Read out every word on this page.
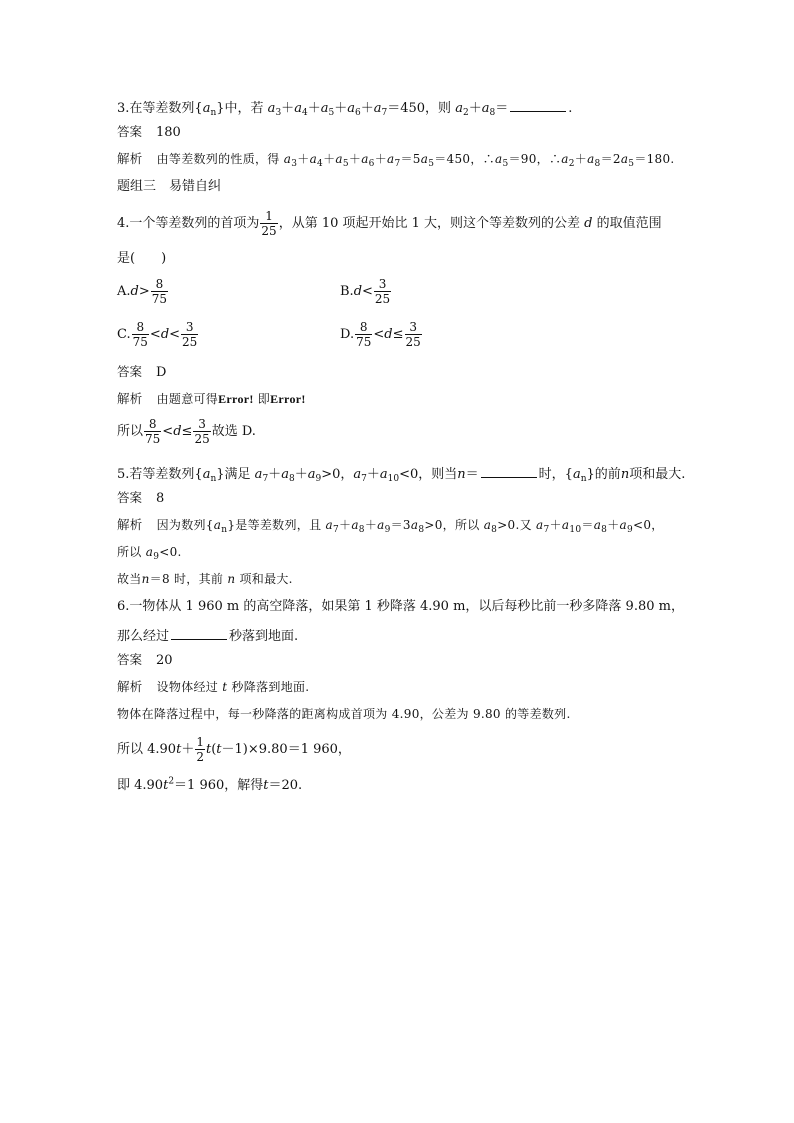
3.在等差数列$\{a_n\}$中，若 $a_3+a_4+a_5+a_6+a_7=450$，则 $a_2+a_8=$	.
答案 180
解析 由等差数列的性质，得 $a_3+a_4+a_5+a_6+a_7=5a_5=450$，$\therefore a_5=90$，$\therefore a_2+a_8=2a_5=180$.
题组三　易错自纠
4.一个等差数列的首项为 $\frac{1}{25}$ ，从第 10 项起开始比 1 大，则这个等差数列的公差 d 的取值范围
是(　　)
$A.d> \frac{8}{75}$	$B.d< \frac{3}{25}$
C. $\frac{8}{75} <d< \frac{3}{25}$	D. $\frac{8}{75} <d\le \frac{3}{25}$
答案 D
解析 由题意可得Error! 即Error!
所以 $\frac{8}{75} <d\le \frac{3}{25}$ 故选 D.
5.若等差数列$\{a_n\}$满足 $a_7+a_8+a_9>0$，$a_7+a_{10}<0$，则当n＝	时，$\{a_n\}$的前n项和最大.
答案 8
解析 因为数列$\{a_n\}$是等差数列，且 $a_7+a_8+a_9=3a_8>0$，所以 $a_8>0$.又 $a_7+a_{10}=a_8+a_9<0$，
所以 $a_9<0$.
故当n＝8 时，其前 n 项和最大.
6.一物体从 1 960 m 的高空降落，如果第 1 秒降落 4.90 m，以后每秒比前一秒多降落 9.80 m，
那么经过	秒落到地面.
答案 20
解析 设物体经过 t 秒降落到地面.
物体在降落过程中，每一秒降落的距离构成首项为 4.90，公差为 9.80 的等差数列.
所以 $4.90t+ \frac{1}{2} t(t-1)\times 9.80=1$ 960，
即 $4.90t^2=1$ 960，解得t＝20.
